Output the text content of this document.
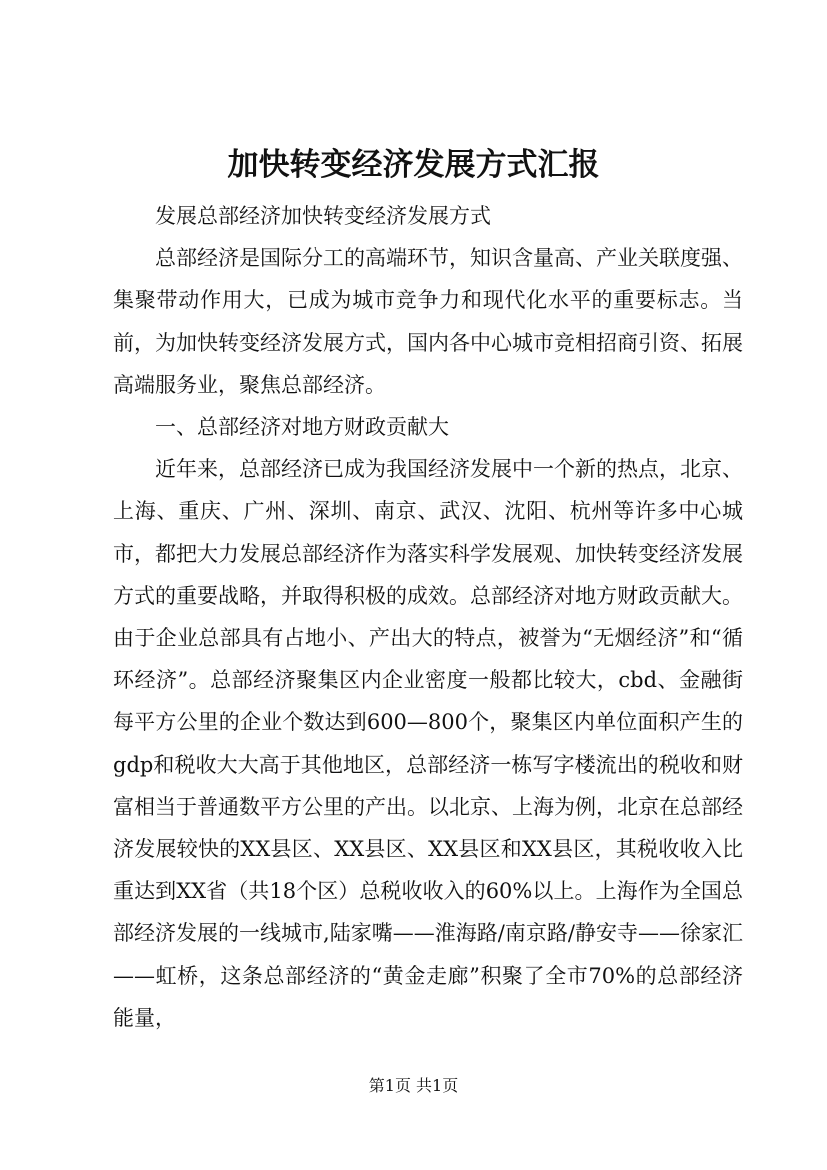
加快转变经济发展方式汇报

发展总部经济加快转变经济发展方式

总部经济是国际分工的高端环节，知识含量高、产业关联度强、集聚带动作用大，已成为城市竞争力和现代化水平的重要标志。当前，为加快转变经济发展方式，国内各中心城市竞相招商引资、拓展高端服务业，聚焦总部经济。

一、总部经济对地方财政贡献大

近年来，总部经济已成为我国经济发展中一个新的热点，北京、上海、重庆、广州、深圳、南京、武汉、沈阳、杭州等许多中心城市，都把大力发展总部经济作为落实科学发展观、加快转变经济发展方式的重要战略，并取得积极的成效。总部经济对地方财政贡献大。由于企业总部具有占地小、产出大的特点，被誉为“无烟经济”和“循环经济”。总部经济聚集区内企业密度一般都比较大，cbd、金融街每平方公里的企业个数达到600—800个，聚集区内单位面积产生的gdp和税收大大高于其他地区，总部经济一栋写字楼流出的税收和财富相当于普通数平方公里的产出。以北京、上海为例，北京在总部经济发展较快的XX县区、XX县区、XX县区和XX县区，其税收收入比重达到XX省（共18个区）总税收收入的60%以上。上海作为全国总部经济发展的一线城市,陆家嘴——淮海路/南京路/静安寺——徐家汇——虹桥，这条总部经济的“黄金走廊”积聚了全市70%的总部经济能量，

第1页 共1页
